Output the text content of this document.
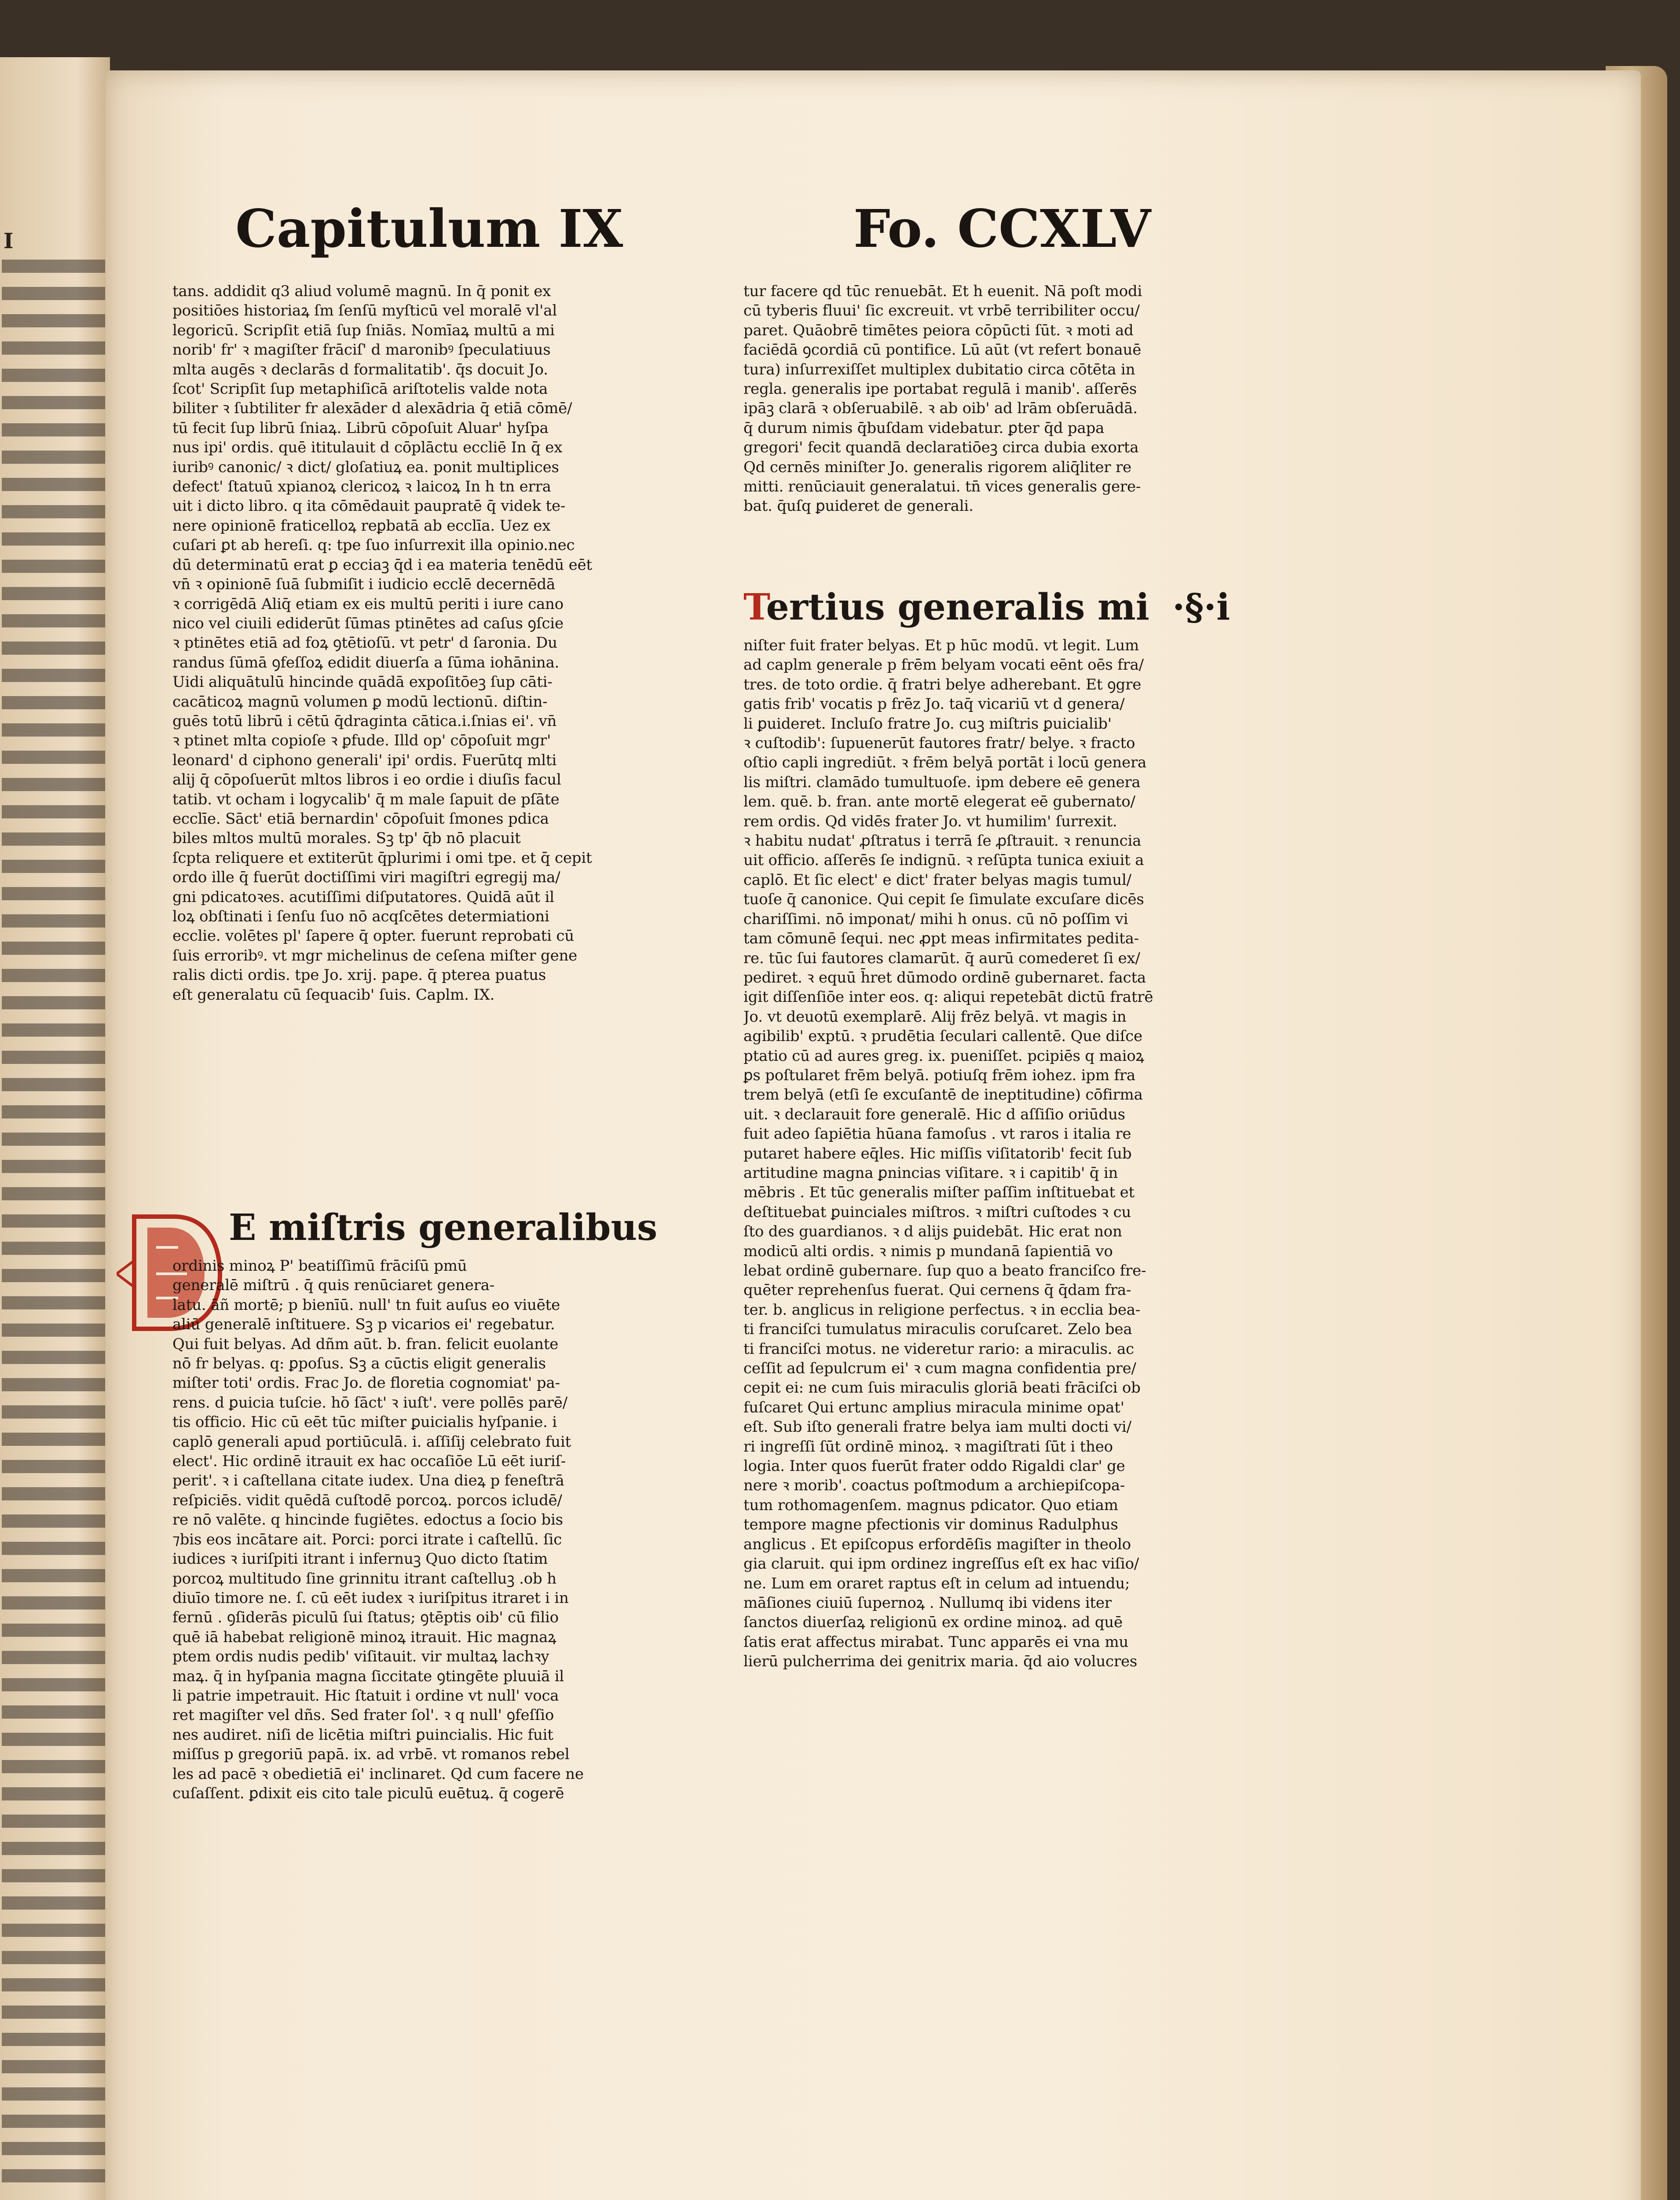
I	Capitulum IX	Fo. CCXLV

tans. addidit q3 aliud volumē magnū. In q̄ ponit ex

positiōes historiaꝝ ſm ſenſū myſticū vel moralē vl'al

legoricū. Scripſit etiā ſup ſniās. Nomīaꝝ multū a mi

norib' fr' ꝛ magiſter frāciſ' d maronibꝰ ſpeculatiuus

mlta augēs ꝛ declarās d formalitatib'. q̄s docuit Jo.

ſcot' Scripſit ſup metaphiſicā ariſtotelis valde nota

biliter ꝛ ſubtiliter fr alexāder d alexādria q̄ etiā cōmē/

tū fecit ſup librū ſniaꝝ. Librū cōpoſuit Aluar' hyſpa

nus ipi' ordis. quē ititulauit d cōplāctu eccliē In q̄ ex

iuribꝰ canonic/ ꝛ dict/ gloſatiuꝝ ea. ponit multiplices

defect' ſtatuū xpianoꝝ clericoꝝ ꝛ laicoꝝ In h tn erra

uit i dicto libro. q ita cōmēdauit paupratē q̄ videk te-

nere opinionē fraticelloꝝ reꝑbatā ab ecclīa. Uez ex

cuſari ꝑt ab hereſi. q: tpe ſuo inſurrexit illa opinio.nec

dū determinatū erat ꝑ ecciaꝫ q̄d i ea materia tenēdū eēt

vn̄ ꝛ opinionē ſuā ſubmiſit i iudicio ecclē decernēdā

ꝛ corrigēdā Aliq̄ etiam ex eis multū periti i iure cano

nico vel ciuili ediderūt ſūmas ptinētes ad caſus ꝯſcie

ꝛ ptinētes etiā ad foꝝ ꝯtētioſū. vt petr' d ſaronia. Du

randus ſūmā ꝯfeſſoꝝ edidit diuerſa a ſūma iohānina.

Uidi aliquātulū hincinde quādā expoſitōeꝫ ſup cāti-

cacāticoꝝ magnū volumen ꝑ modū lectionū. diſtin-

guēs totū librū i cētū q̄draginta cātica.i.ſnias ei'. vn̄

ꝛ ptinet mlta copioſe ꝛ ꝑfude. Illd op' cōpoſuit mgr'

leonard' d ciphono generali' ipi' ordis. Fuerūtq mlti

alij q̄ cōpoſuerūt mltos libros i eo ordie i diuſis facul

tatib. vt ocham i logycalib' q̄ m male ſapuit de pſāte

ecclīe. Sāct' etiā bernardin' cōpoſuit ſmones pdica

biles mltos multū morales. Sꝫ tp' q̄b nō placuit

ſcpta reliquere et extiterūt q̄plurimi i omi tpe. et q̄ cepit

ordo ille q̄ fuerūt doctiſſimi viri magiſtri egregij ma/

gni pdicatoꝛes. acutiſſimi diſputatores. Quidā aūt il

loꝝ obſtinati i ſenſu ſuo nō acqſcētes determiationi

ecclie. volētes pl' ſapere q̄ opter. fuerunt reprobati cū

ſuis erroribꝰ. vt mgr michelinus de ceſena miſter gene

ralis dicti ordis. tpe Jo. xrij. pape. q̄ pterea puatus

eſt generalatu cū ſequacib' ſuis. Caplm. IX.

E miſtris generalibus

ordinis minoꝝ P' beatiſſimū frāciſū pmū

generalē miſtrū . q̄ quis renūciaret genera-

latu. āñ mortē; p bienīū. null' tn fuit auſus eo viuēte

aliū generalē inſtituere. Sꝫ p vicarios ei' regebatur.

Qui fuit belyas. Ad dñm aūt. b. fran. felicit euolante

nō fr belyas. q: ꝑpoſus. Sꝫ a cūctis eligit generalis

miſter toti' ordis. Frac Jo. de floretia cognomiat' pa-

rens. d ꝑuicia tuſcie. hō ſāct' ꝛ iuſt'. vere pollēs parē/

tis officio. Hic cū eēt tūc miſter ꝑuicialis hyſpanie. i

caplō generali apud portiūculā. i. aſſiſij celebrato fuit

elect'. Hic ordinē itrauit ex hac occaſiōe Lū eēt iuriſ-

perit'. ꝛ i caſtellana citate iudex. Una dieꝝ p feneſtrā

reſpiciēs. vidit quēdā cuſtodē porcoꝝ. porcos icludē/

re nō valēte. q hincinde fugiētes. edoctus a ſocio bis

⁊bis eos incātare ait. Porci: porci itrate i caſtellū. ſic

iudices ꝛ iuriſpiti itrant i infernuꝫ Quo dicto ſtatim

porcoꝝ multitudo ſine grinnitu itrant caſtelluꝫ .ob h

diuīo timore ne. ſ. cū eēt iudex ꝛ iuriſpitus itraret i in

fernū . ꝯſiderās piculū ſui ſtatus; ꝯtēptis oib' cū filio

quē iā habebat religionē minoꝝ itrauit. Hic magnaꝝ

ptem ordis nudis pedib' viſitauit. vir multaꝝ lachꝛy

maꝝ. q̄ in hyſpania magna ſiccitate ꝯtingēte pluuiā il

li patrie impetrauit. Hic ſtatuit i ordine vt null' voca

ret magiſter vel dñs. Sed frater ſol'. ꝛ q null' ꝯfeſſio

nes audiret. niſi de licētia miſtri ꝑuincialis. Hic fuit

miſſus p gregoriū papā. ix. ad vrbē. vt romanos rebel

les ad pacē ꝛ obedietiā ei' inclinaret. Qd cum facere ne

cuſaſſent. ꝑdixit eis cito tale piculū euētuꝝ. q̄ cogerē

tur facere qd tūc renuebāt. Et h euenit. Nā poſt modi

cū tyberis fluui' ſic excreuit. vt vrbē terribiliter occu/

paret. Quāobrē timētes peiora cōpūcti ſūt. ꝛ moti ad

faciēdā ꝯcordiā cū pontifice. Lū aūt (vt refert bonauē

tura) inſurrexiſſet multiplex dubitatio circa cōtēta in

regla. generalis ipe portabat regulā i manib'. aſſerēs

ipāꝫ clarā ꝛ obſeruabilē. ꝛ ab oib' ad lrām obſeruādā.

q̄ durum nimis q̄buſdam videbatur. ꝑter q̄d papa

gregori' fecit quandā declaratiōeꝫ circa dubia exorta

Qd cernēs miniſter Jo. generalis rigorem aliq̄liter re

mitti. renūciauit generalatui. tn̄ vices generalis gere-

bat. q̄uſq ꝑuideret de generali.

Tertius generalis mi ·§·i

niſter fuit frater belyas. Et p hūc modū. vt legit. Lum

ad caplm generale p frēm belyam vocati eēnt oēs fra/

tres. de toto ordie. q̄ fratri belye adherebant. Et ꝯgre

gatis frib' vocatis p frēz Jo. taq̄ vicariū vt d genera/

li ꝑuideret. Incluſo fratre Jo. cuꝫ miſtris ꝑuicialib'

ꝛ cuſtodib': ſupuenerūt fautores fratr/ belye. ꝛ fracto

oſtio capli ingrediūt. ꝛ frēm belyā portāt i locū genera

lis miſtri. clamādo tumultuoſe. ipm debere eē genera

lem. quē. b. fran. ante mortē elegerat eē gubernato/

rem ordis. Qd vidēs frater Jo. vt humilim' ſurrexit.

ꝛ habitu nudat' ꝓſtratus i terrā ſe ꝓſtrauit. ꝛ renuncia

uit officio. aſſerēs ſe indignū. ꝛ reſūpta tunica exiuit a

caplō. Et ſic elect' e dict' frater belyas magis tumul/

tuoſe q̄ canonice. Qui cepit ſe ſimulate excuſare dicēs

chariſſimi. nō imponat/ mihi h onus. cū nō poſſim vi

tam cōmunē ſequi. nec ꝓpt meas infirmitates pedita-

re. tūc ſui fautores clamarūt. q̄ aurū comederet ſi ex/

pediret. ꝛ equū h̄ret dūmodo ordinē gubernaret. facta

igit diſſenſiōe inter eos. q: aliqui repetebāt dictū fratrē

Jo. vt deuotū exemplarē. Alij frēz belyā. vt magis in

agibilib' exptū. ꝛ prudētia ſeculari callentē. Que diſce

ptatio cū ad aures greg. ix. pueniſſet. pcipiēs q maioꝝ

ꝑs poſtularet frēm belyā. potiuſq frēm iohez. ipm fra

trem belyā (etſi ſe excuſantē de ineptitudine) cōfirma

uit. ꝛ declarauit fore generalē. Hic d aſſiſio oriūdus

fuit adeo ſapiētia hūana famoſus . vt raros i italia re

putaret habere eq̄les. Hic miſſis viſitatorib' fecit ſub

artitudine magna ꝑnincias viſitare. ꝛ i capitib' q̄ in

mēbris . Et tūc generalis miſter paſſim inſtituebat et

deſtituebat ꝑuinciales miſtros. ꝛ miſtri cuſtodes ꝛ cu

ſto des guardianos. ꝛ d alijs ꝑuidebāt. Hic erat non

modicū alti ordis. ꝛ nimis p mundanā ſapientiā vo

lebat ordinē gubernare. ſup quo a beato franciſco fre-

quēter reprehenſus fuerat. Qui cernens q̄ q̄dam fra-

ter. b. anglicus in religione perfectus. ꝛ in ecclia bea-

ti franciſci tumulatus miraculis coruſcaret. Zelo bea

ti franciſci motus. ne videretur rario: a miraculis. ac

ceſſit ad ſepulcrum ei' ꝛ cum magna confidentia pre/

cepit ei: ne cum ſuis miraculis gloriā beati frāciſci ob

fuſcaret Qui ertunc amplius miracula minime opat'

eſt. Sub iſto generali fratre belya iam multi docti vi/

ri ingreſſi ſūt ordinē minoꝝ. ꝛ magiſtrati ſūt i theo

logia. Inter quos fuerūt frater oddo Rigaldi clar' ge

nere ꝛ morib'. coactus poſtmodum a archiepiſcopa-

tum rothomagenſem. magnus pdicator. Quo etiam

tempore magne pfectionis vir dominus Radulphus

anglicus . Et epiſcopus erfordēſis magiſter in theolo

gia claruit. qui ipm ordinez ingreſſus eſt ex hac viſio/

ne. Lum em oraret raptus eſt in celum ad intuendu;

māſiones ciuiū ſupernoꝝ . Nullumq ibi videns iter

ſanctos diuerſaꝝ religionū ex ordine minoꝝ. ad quē

ſatis erat affectus mirabat. Tunc apparēs ei vna mu

lierū pulcherrima dei genitrix maria. q̄d aio volucres
